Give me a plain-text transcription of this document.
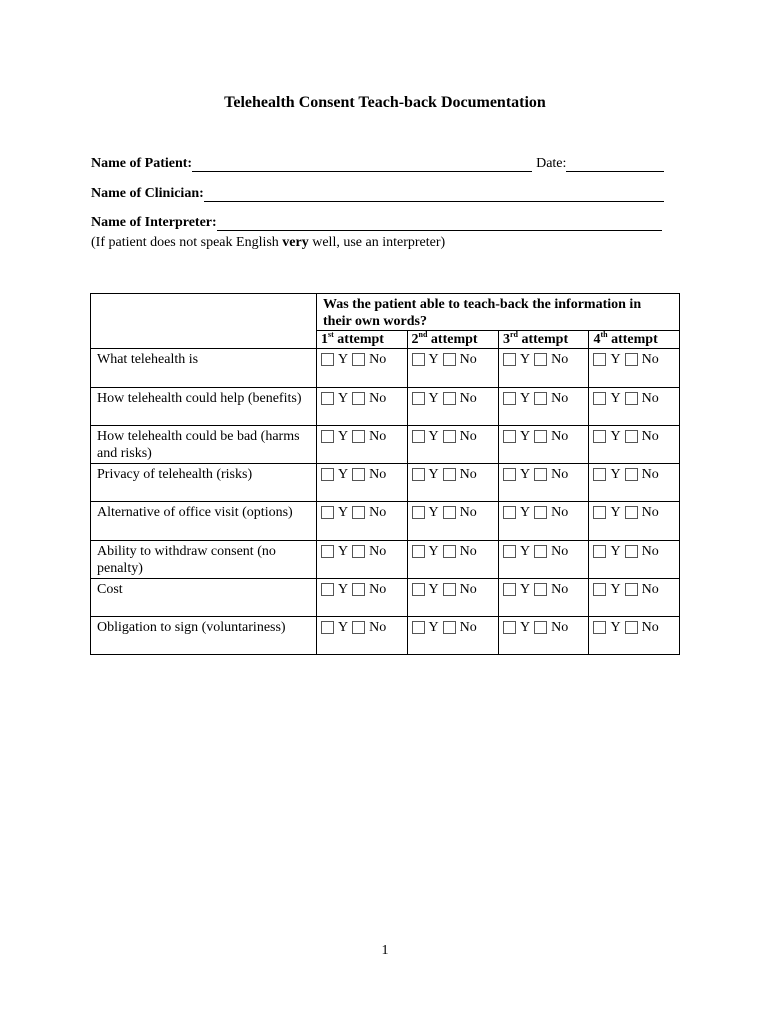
Telehealth Consent Teach-back Documentation
Name of Patient:	Date:
Name of Clinician:
Name of Interpreter:
(If patient does not speak English very well, use an interpreter)
	Was the patient able to teach-back the information in their own words?			
	1st attempt	2nd attempt	3rd attempt	4th attempt
What telehealth is	Y No	Y No	Y No	Y No

How telehealth could help (benefits)	Y No	Y No	Y No	Y No

How telehealth could be bad (harms and risks)	Y No	Y No	Y No	Y No

Privacy of telehealth (risks)	Y No	Y No	Y No	Y No

Alternative of office visit (options)	Y No	Y No	Y No	Y No

Ability to withdraw consent (no penalty)	Y No	Y No	Y No	Y No

Cost	Y No	Y No	Y No	Y No

Obligation to sign (voluntariness)	Y No	Y No	Y No	Y No
1
